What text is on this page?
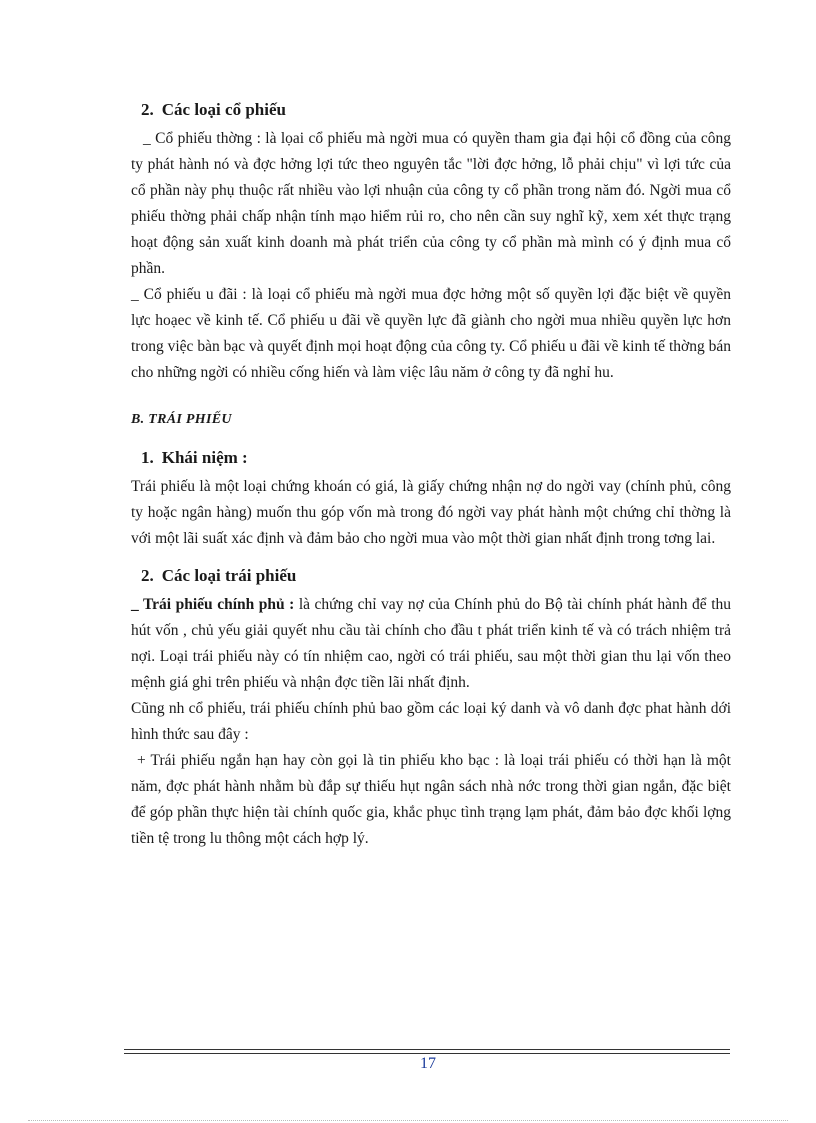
2. Các loại cổ phiếu

_ Cổ phiếu thờng : là lọai cổ phiếu mà ngời mua có quyền tham gia đại hội cổ đồng của công ty phát hành nó và đợc hởng lợi tức theo nguyên tắc "lời đợc hởng, lỗ phải chịu" vì lợi tức của cổ phần này phụ thuộc rất nhiều vào lợi nhuận của công ty cổ phần trong năm đó. Ngời mua cổ phiếu thờng phải chấp nhận tính mạo hiểm rủi ro, cho nên cần suy nghĩ kỹ, xem xét thực trạng hoạt động sản xuất kinh doanh mà phát triển của công ty cổ phần mà mình có ý định mua cổ phần.

_ Cổ phiếu u đãi : là loại cổ phiếu mà ngời mua đợc hởng một số quyền lợi đặc biệt về quyền lực hoạec về kinh tế. Cổ phiếu u đãi về quyền lực đã giành cho ngời mua nhiều quyền lực hơn trong việc bàn bạc và quyết định mọi hoạt động của công ty. Cổ phiếu u đãi về kinh tế thờng bán cho những ngời có nhiều cống hiến và làm việc lâu năm ở công ty đã nghỉ hu.

B. TRÁI PHIẾU
1. Khái niệm :

Trái phiếu là một loại chứng khoán có giá, là giấy chứng nhận nợ do ngời vay (chính phủ, công ty hoặc ngân hàng) muốn thu góp vốn mà trong đó ngời vay phát hành một chứng chỉ thờng là với một lãi suất xác định và đảm bảo cho ngời mua vào một thời gian nhất định trong tơng lai.

2. Các loại trái phiếu

_ Trái phiếu chính phủ : là chứng chỉ vay nợ của Chính phủ do Bộ tài chính phát hành để thu hút vốn , chủ yếu giải quyết nhu cầu tài chính cho đầu t phát triển kinh tế và có trách nhiệm trả nợi. Loại trái phiếu này có tín nhiệm cao, ngời có trái phiếu, sau một thời gian thu lại vốn theo mệnh giá ghi trên phiếu và nhận đợc tiền lãi nhất định.

Cũng nh cổ phiếu, trái phiếu chính phủ bao gồm các loại ký danh và vô danh đợc phat hành dới hình thức sau đây :

+ Trái phiếu ngắn hạn hay còn gọi là tin phiếu kho bạc : là loại trái phiếu có thời hạn là một năm, đợc phát hành nhằm bù đắp sự thiếu hụt ngân sách nhà nớc trong thời gian ngắn, đặc biệt để góp phần thực hiện tài chính quốc gia, khắc phục tình trạng lạm phát, đảm bảo đợc khối lợng tiền tệ trong lu thông một cách hợp lý.

17
